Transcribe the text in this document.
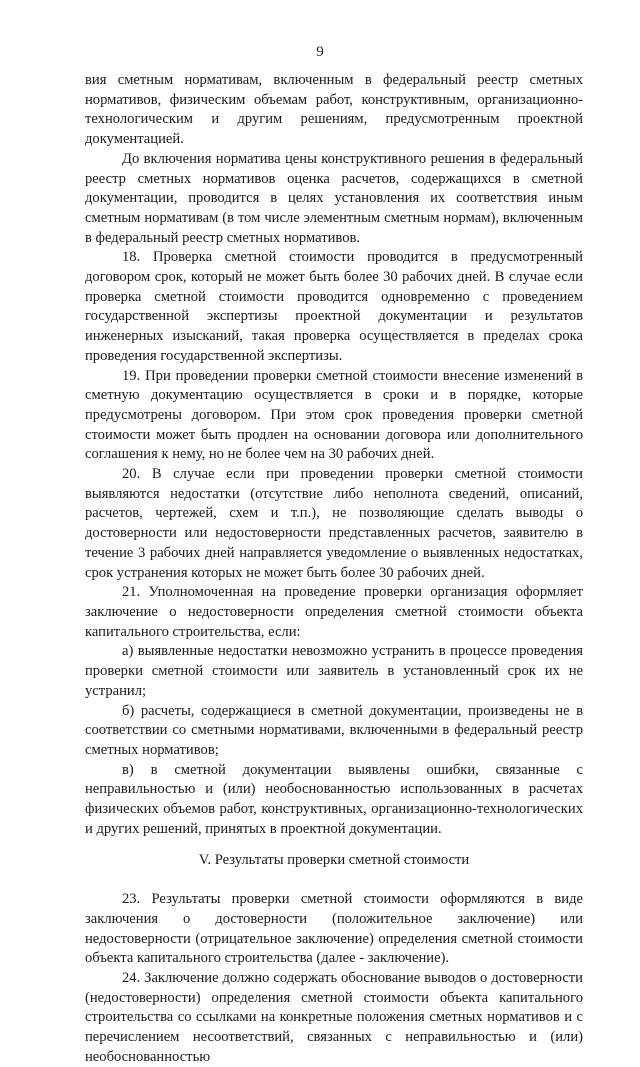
9

вия сметным нормативам, включенным в федеральный реестр сметных нормативов, физическим объемам работ, конструктивным, организационно-технологическим и другим решениям, предусмотренным проектной документацией.

До включения норматива цены конструктивного решения в федеральный реестр сметных нормативов оценка расчетов, содержащихся в сметной документации, проводится в целях установления их соответствия иным сметным нормативам (в том числе элементным сметным нормам), включенным в федеральный реестр сметных нормативов.

18. Проверка сметной стоимости проводится в предусмотренный договором срок, который не может быть более 30 рабочих дней. В случае если проверка сметной стоимости проводится одновременно с проведением государственной экспертизы проектной документации и результатов инженерных изысканий, такая проверка осуществляется в пределах срока проведения государственной экспертизы.

19. При проведении проверки сметной стоимости внесение изменений в сметную документацию осуществляется в сроки и в порядке, которые предусмотрены договором. При этом срок проведения проверки сметной стоимости может быть продлен на основании договора или дополнительного соглашения к нему, но не более чем на 30 рабочих дней.

20. В случае если при проведении проверки сметной стоимости выявляются недостатки (отсутствие либо неполнота сведений, описаний, расчетов, чертежей, схем и т.п.), не позволяющие сделать выводы о достоверности или недостоверности представленных расчетов, заявителю в течение 3 рабочих дней направляется уведомление о выявленных недостатках, срок устранения которых не может быть более 30 рабочих дней.

21. Уполномоченная на проведение проверки организация оформляет заключение о недостоверности определения сметной стоимости объекта капитального строительства, если:

а) выявленные недостатки невозможно устранить в процессе проведения проверки сметной стоимости или заявитель в установленный срок их не устранил;

б) расчеты, содержащиеся в сметной документации, произведены не в соответствии со сметными нормативами, включенными в федеральный реестр сметных нормативов;

в) в сметной документации выявлены ошибки, связанные с неправильностью и (или) необоснованностью использованных в расчетах физических объемов работ, конструктивных, организационно-технологических и других решений, принятых в проектной документации.

V. Результаты проверки сметной стоимости

23. Результаты проверки сметной стоимости оформляются в виде заключения о достоверности (положительное заключение) или недостоверности (отрицательное заключение) определения сметной стоимости объекта капитального строительства (далее - заключение).

24. Заключение должно содержать обоснование выводов о достоверности (недостоверности) определения сметной стоимости объекта капитального строительства со ссылками на конкретные положения сметных нормативов и с перечислением несоответствий, связанных с неправильностью и (или) необоснованностью
